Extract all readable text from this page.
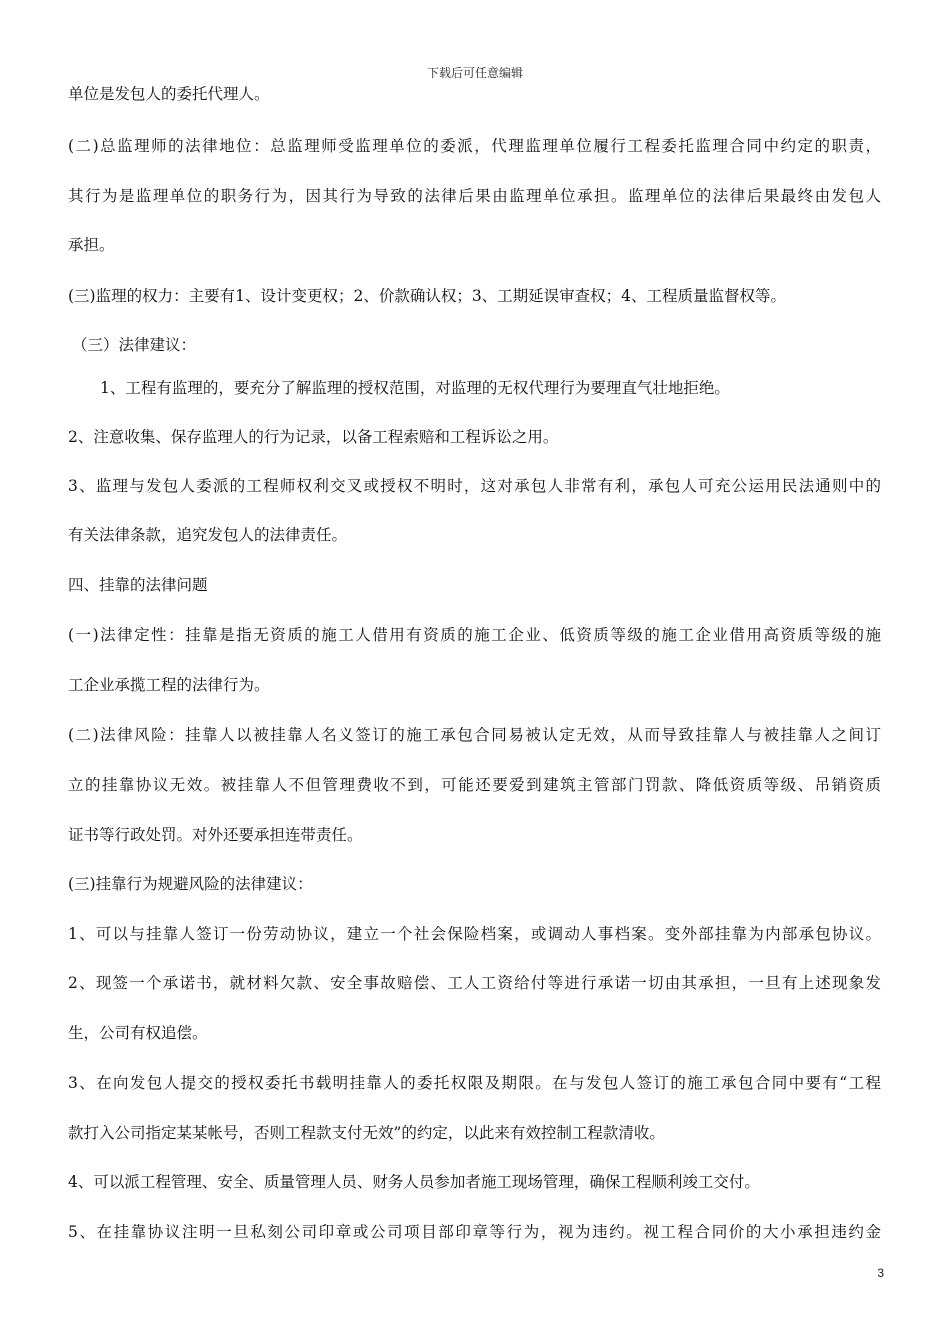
下载后可任意编辑
单位是发包人的委托代理人。
(二)总监理师的法律地位：总监理师受监理单位的委派，代理监理单位履行工程委托监理合同中约定的职责，
其行为是监理单位的职务行为，因其行为导致的法律后果由监理单位承担。监理单位的法律后果最终由发包人
承担。
(三)监理的权力：主要有1、设计变更权；2、价款确认权；3、工期延误审查权；4、工程质量监督权等。
（三）法律建议：
1、工程有监理的，要充分了解监理的授权范围，对监理的无权代理行为要理直气壮地拒绝。
2、注意收集、保存监理人的行为记录，以备工程索赔和工程诉讼之用。
3、监理与发包人委派的工程师权利交叉或授权不明时，这对承包人非常有利，承包人可充公运用民法通则中的
有关法律条款，追究发包人的法律责任。
四、挂靠的法律问题
(一)法律定性：挂靠是指无资质的施工人借用有资质的施工企业、低资质等级的施工企业借用高资质等级的施
工企业承揽工程的法律行为。
(二)法律风险：挂靠人以被挂靠人名义签订的施工承包合同易被认定无效，从而导致挂靠人与被挂靠人之间订
立的挂靠协议无效。被挂靠人不但管理费收不到，可能还要爱到建筑主管部门罚款、降低资质等级、吊销资质
证书等行政处罚。对外还要承担连带责任。
(三)挂靠行为规避风险的法律建议：
1、可以与挂靠人签订一份劳动协议，建立一个社会保险档案，或调动人事档案。变外部挂靠为内部承包协议。
2、现签一个承诺书，就材料欠款、安全事故赔偿、工人工资给付等进行承诺一切由其承担，一旦有上述现象发
生，公司有权追偿。
3、在向发包人提交的授权委托书载明挂靠人的委托权限及期限。在与发包人签订的施工承包合同中要有“工程
款打入公司指定某某帐号，否则工程款支付无效”的约定，以此来有效控制工程款清收。
4、可以派工程管理、安全、质量管理人员、财务人员参加者施工现场管理，确保工程顺利竣工交付。
5、在挂靠协议注明一旦私刻公司印章或公司项目部印章等行为，视为违约。视工程合同价的大小承担违约金
3
